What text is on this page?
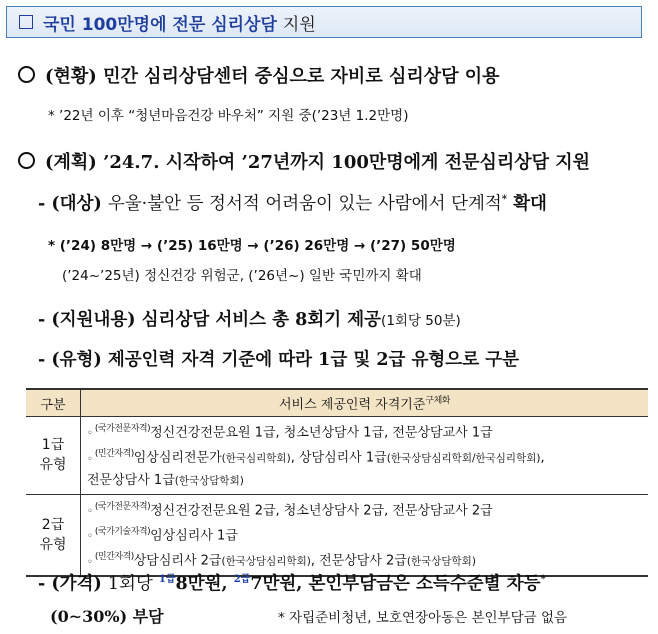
국민 100만명에 전문 심리상담 지원
(현황) 민간 심리상담센터 중심으로 자비로 심리상담 이용
* ’22년 이후 “청년마음건강 바우처” 지원 중(’23년 1.2만명)
(계획) ’24.7. 시작하여 ’27년까지 100만명에게 전문심리상담 지원
- (대상) 우울·불안 등 정서적 어려움이 있는 사람에서 단계적* 확대
* (’24) 8만명 → (’25) 16만명 → (’26) 26만명 → (’27) 50만명
(’24~’25년) 정신건강 위험군, (’26년~) 일반 국민까지 확대
- (지원내용) 심리상담 서비스 총 8회기 제공(1회당 50분)
- (유형) 제공인력 자격 기준에 따라 1급 및 2급 유형으로 구분
구분	서비스 제공인력 자격기준$^{구체화}$
1급
유형	◦ $^{(국가전문자격)}$정신건강전문요원 1급, 청소년상담사 1급, 전문상담교사 1급
◦ $^{(민간자격)}$임상심리전문가(한국심리학회), 상담심리사 1급(한국상담심리학회/한국심리학회),
전문상담사 1급(한국상담학회)

2급
유형	◦ $^{(국가전문자격)}$정신건강전문요원 2급, 청소년상담사 2급, 전문상담교사 2급
◦ $^{(국가기술자격)}$임상심리사 1급
◦ $^{(민간자격)}$상담심리사 2급(한국상담심리학회), 전문상담사 2급(한국상담학회)
- (가격) 1회당 $^{1급}$8만원, $^{2급}$7만원, 본인부담금은 소득수준별 차등*
(0∼30%) 부담	* 자립준비청년, 보호연장아동은 본인부담금 없음
